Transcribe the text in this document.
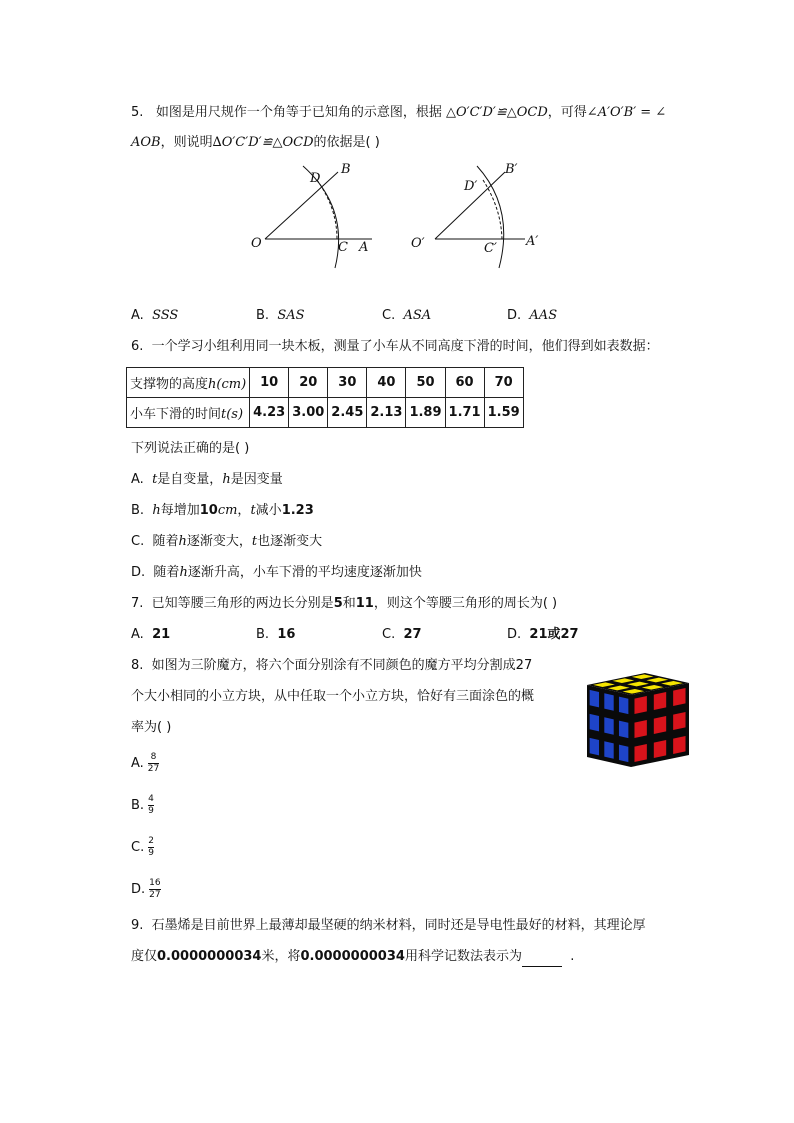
5. 如图是用尺规作一个角等于已知角的示意图，根据 △O′C′D′≌△OCD，可得∠A′O′B′ = ∠
AOB，则说明∆O′C′D′≌△OCD的依据是( )
O	A
B
C
D
O′	A′
B′
C′
D′
A. SSS	B. SAS	C. ASA	D. AAS
6. 一个学习小组利用同一块木板，测量了小车从不同高度下滑的时间，他们得到如表数据：
支撑物的高度h(cm)	10	20	30	40	50	60	70
小车下滑的时间t(s)	4.23	3.00	2.45	2.13	1.89	1.71	1.59
下列说法正确的是( )
A. t是自变量，h是因变量
B. h每增加10cm，t减小1.23
C. 随着h逐渐变大，t也逐渐变大
D. 随着h逐渐升高，小车下滑的平均速度逐渐加快
7. 已知等腰三角形的两边长分别是5和11，则这个等腰三角形的周长为( )
A. 21	B. 16	C. 27	D. 21或27
8. 如图为三阶魔方，将六个面分别涂有不同颜色的魔方平均分割成27
个大小相同的小立方块，从中任取一个小立方块，恰好有三面涂色的概
率为( )
A. $\frac{8}{27}$
B. $\frac{4}{9}$
C. $\frac{2}{9}$
D. $\frac{16}{27}$
9. 石墨烯是目前世界上最薄却最坚硬的纳米材料，同时还是导电性最好的材料，其理论厚
度仅0.0000000034米，将0.0000000034用科学记数法表示为	.
